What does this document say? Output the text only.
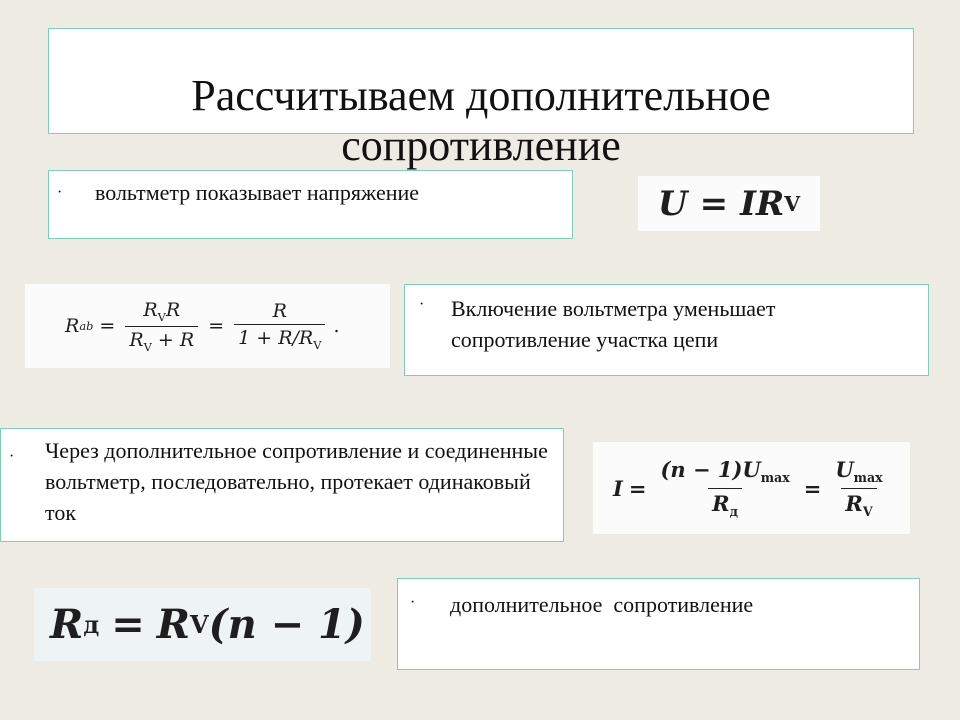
Рассчитываем дополнительное сопротивление
· вольтметр показывает напряжение	U = I R V
R ab = $\frac{R_VR}{R_V + R} = \frac{R}{1 + R/R_V}$ .
· Включение вольтметра уменьшает сопротивление участка цепи
· Через дополнительное сопротивление и соединенные вольтметр, последовательно, протекает одинаковый ток
$I = \frac{(n - 1)U_{max}}{R_д} = \frac{U_{max}}{R_V}$
R д = R V (n − 1)	· дополнительное  сопротивление
